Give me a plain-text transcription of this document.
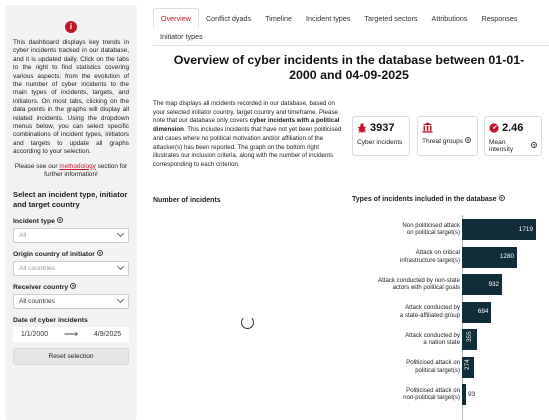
i

This dashboard displays key trends in cyber incidents tracked in our database, and it is updated daily. Click on the tabs to the right to find statistics covering various aspects: from the evolution of the number of cyber incidents to the main types of incidents, targets, and initiators. On most tabs, clicking on the data points in the graphs will display all related incidents. Using the dropdown menus below, you can select specific combinations of incident types, initiators and targets to update all graphs according to your selection.

Please see our methodology section for further information!

Select an incident type, initiator and target country
Incident type ?
All
Origin country of initiator ?
All countries
Receiver country ?
All countries
Date of cyber incidents
1/1/2000 ⟶ 4/9/2025
Reset selection
Overview	Conflict dyads	Timeline	Incident types	Targeted sectors	Attributions	Responses
Initiator types
Overview of cyber incidents in the database between 01-01-2000 and 04-09-2025

The map displays all incidents recorded in our database, based on your selected initiator country, target country and timeframe. Please note that our database only covers cyber incidents with a political dimension. This includes incidents that have not yet been politicised and cases where no political motivation and/or affiliation of the attacker(s) has been reported. The graph on the bottom right illustrates our inclusion criteria, along with the number of incidents corresponding to each criterion.

3937
Cyber incidents	Threat groups ?
2.46
Mean intensity
?
Number of incidents	Types of incidents included in the database ?
Non politicised attack
on political target(s)
1719
Attack on critical
infrastructure target(s)
1280
Attack conducted by non-state
actors with political goals
932
Attack conducted by
a state-affiliated group
684
Attack conducted by
a nation state
355
Politicised attack on
political target(s)
274
Politicised attack on
non-political target(s)
93
